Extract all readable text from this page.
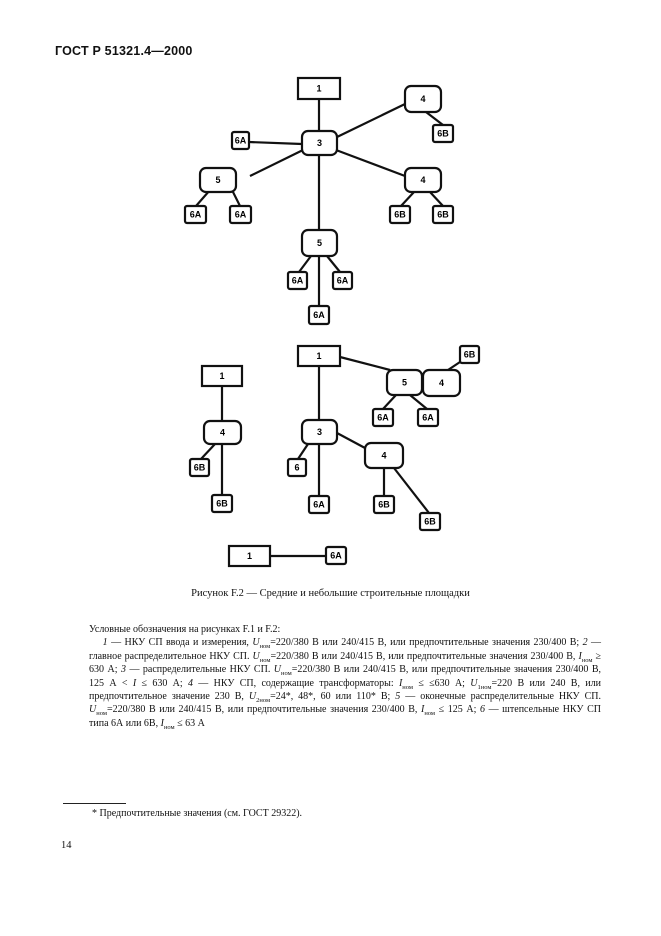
ГОСТ Р 51321.4—2000
1
3
4
6B
6A
5
6A	6A
4
6B	6B
5
6A	6A
6A
1
4
6B
6B
1
5	4
6B
6A	6A
3
6
6A
4
6B
6B
1	6A
Рисунок F.2 — Средние и небольшие строительные площадки

Условные обозначения на рисунках F.1 и F.2:

1 — НКУ СП ввода и измерения, $U_{ном}=220/380$ В или 240/415 В, или предпочтительные значения 230/400 В; 2 — главное распределительное НКУ СП. $U_{ном}=220/380$ В или 240/415 В, или предпочтительные значения 230/400 В, $I_{ном} \ge 630$ А; 3 — распределительные НКУ СП. $U_{ном}=220/380$ В или 240/415 В, или предпочтительные значения 230/400 В, 125 А < I ≤ 630 А; 4 — НКУ СП, содержащие трансформаторы: $I_{ном} \le \le 630$ А; $U_{1ном}=220$ В или 240 В, или предпочтительное значение 230 В, $U_{2ном}=24*$, 48*, 60 или 110* В; 5 — оконечные распределительные НКУ СП. $U_{ном}=220/380$ В или 240/415 В, или предпочтительные значения 230/400 В, $I_{ном} \le 125$ А; 6 — штепсельные НКУ СП типа 6А или 6В, $I_{ном} \le 63$ А

* Предпочтительные значения (см. ГОСТ 29322).
14
